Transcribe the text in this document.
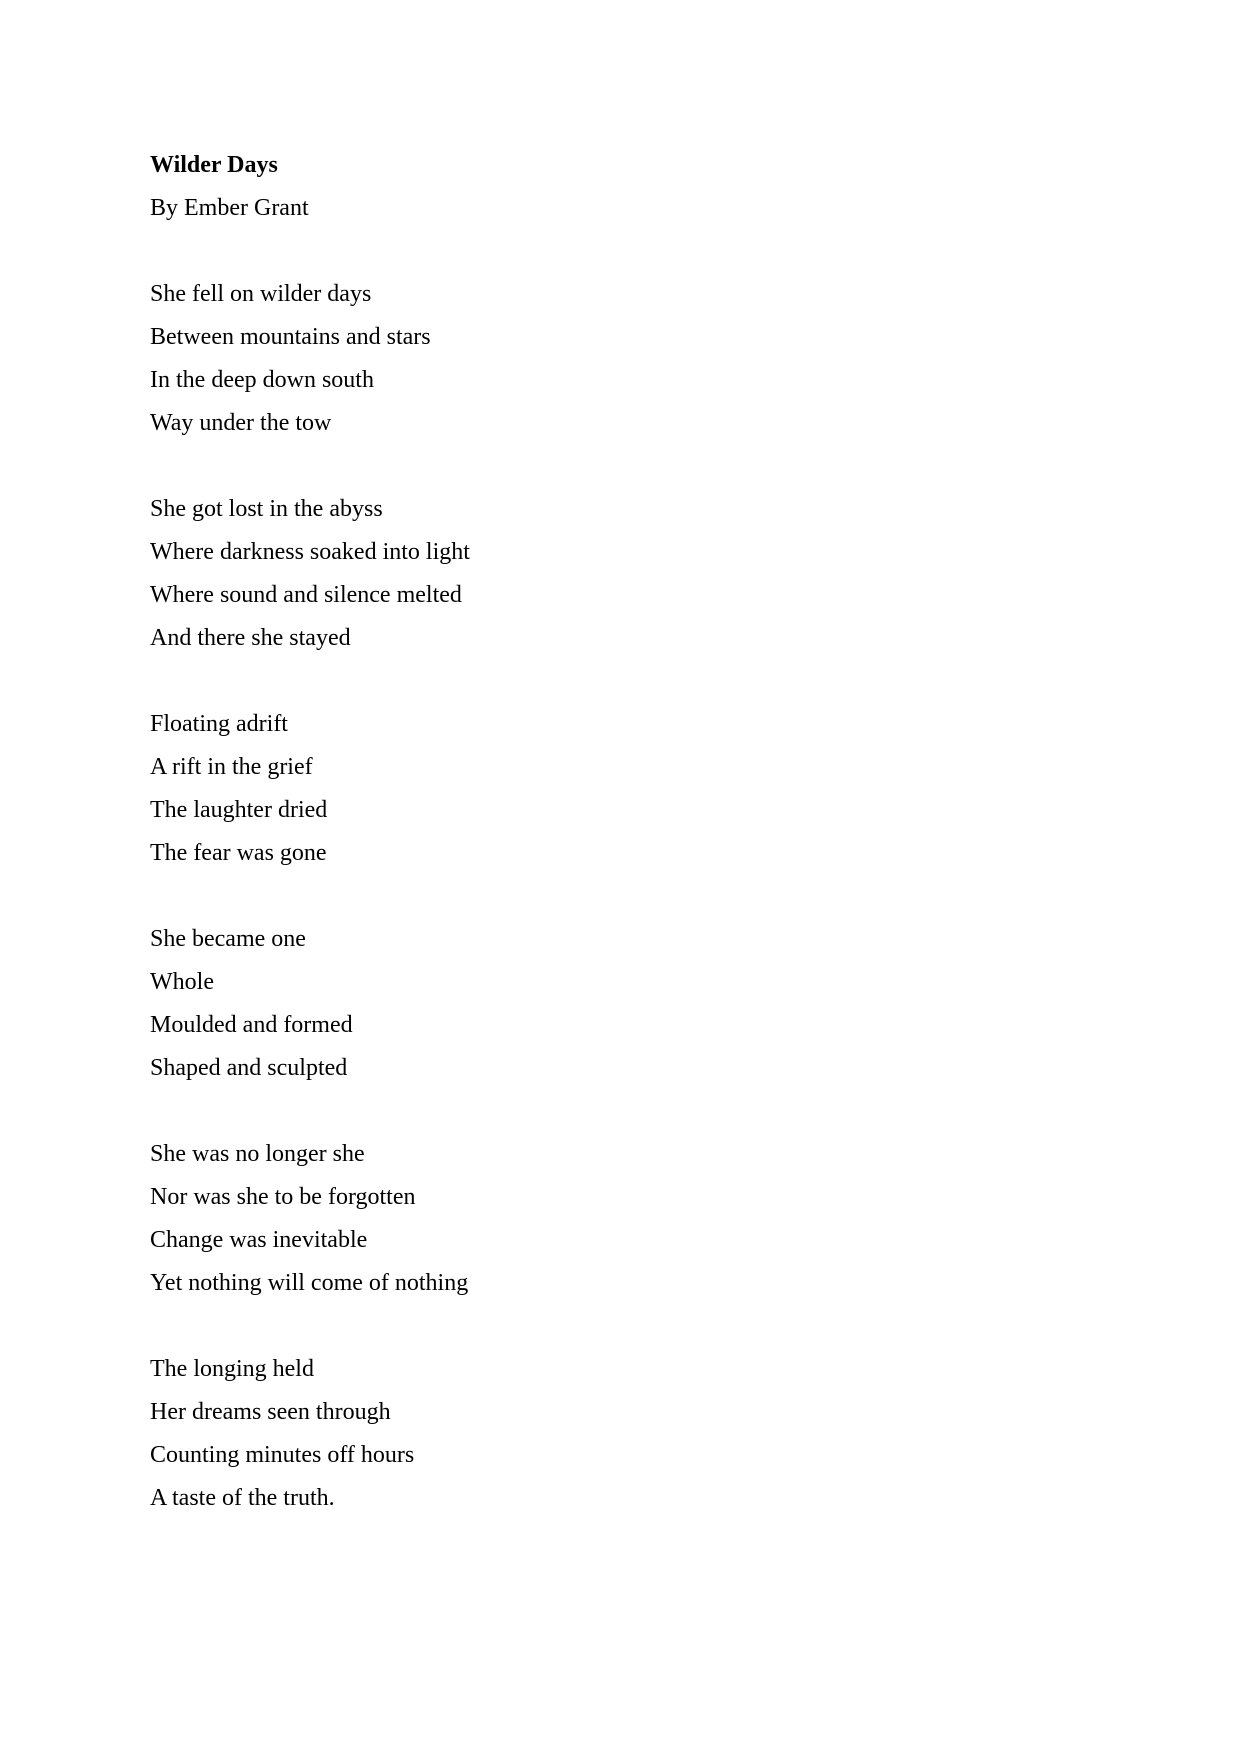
Wilder Days
By Ember Grant
She fell on wilder days
Between mountains and stars
In the deep down south
Way under the tow
She got lost in the abyss
Where darkness soaked into light
Where sound and silence melted
And there she stayed
Floating adrift
A rift in the grief
The laughter dried
The fear was gone
She became one
Whole
Moulded and formed
Shaped and sculpted
She was no longer she
Nor was she to be forgotten
Change was inevitable
Yet nothing will come of nothing
The longing held
Her dreams seen through
Counting minutes off hours
A taste of the truth.
